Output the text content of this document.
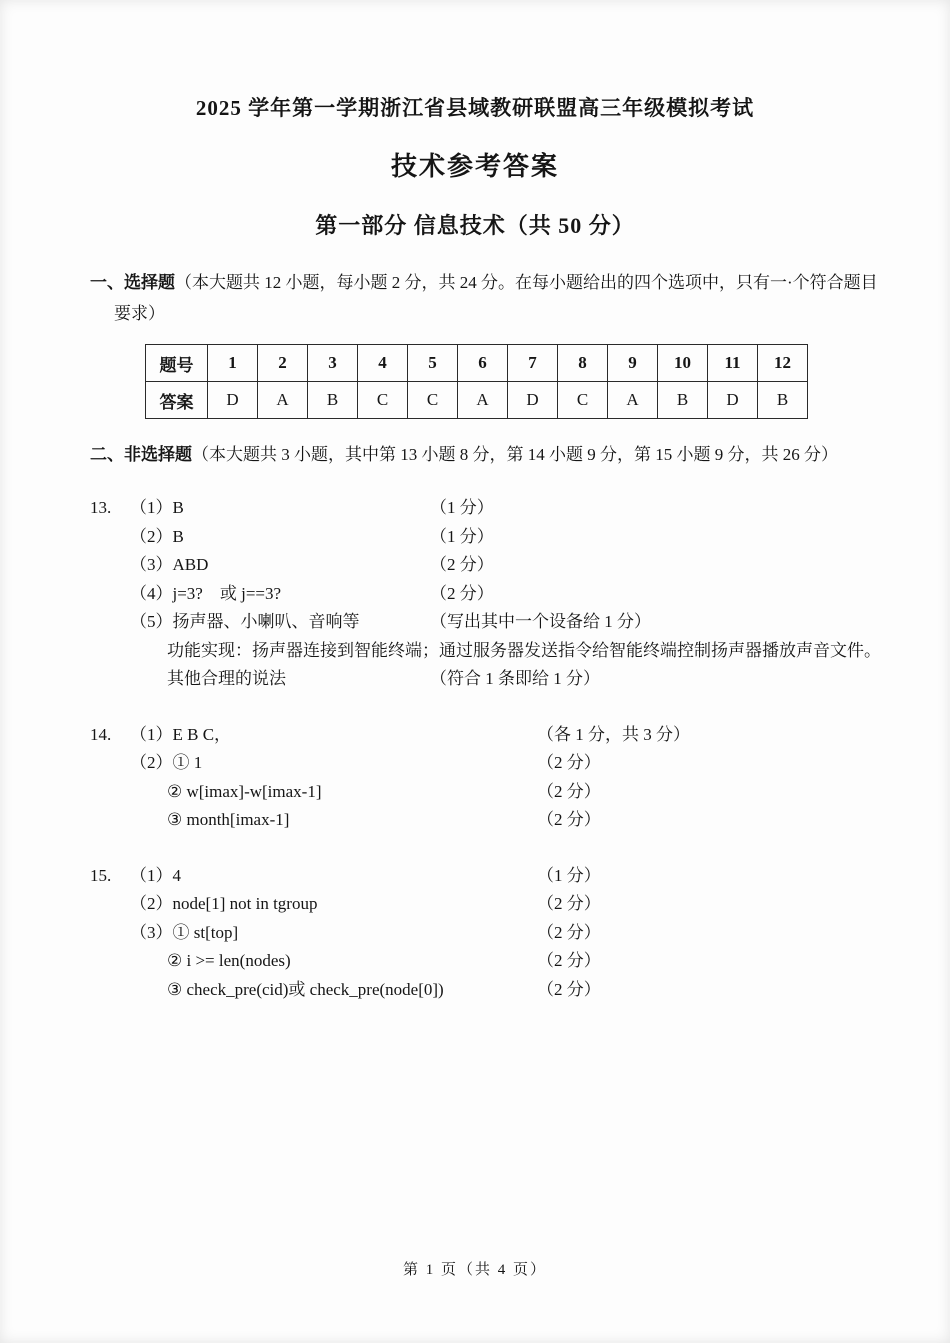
2025 学年第一学期浙江省县域教研联盟高三年级模拟考试
技术参考答案
第一部分 信息技术（共 50 分）

一、选择题（本大题共 12 小题，每小题 2 分，共 24 分。在每小题给出的四个选项中，只有一·个符合题目

要求）

题号	1	2	3	4	5	6	7	8	9	10	11	12
答案	D	A	B	C	C	A	D	C	A	B	D	B

二、非选择题（本大题共 3 小题，其中第 13 小题 8 分，第 14 小题 9 分，第 15 小题 9 分，共 26 分）

13. （1）B	（1 分）
（2）B	（1 分）
（3）ABD	（2 分）
（4）j=3?　或 j==3?	（2 分）
（5）扬声器、小喇叭、音响等	（写出其中一个设备给 1 分）
功能实现：扬声器连接到智能终端；通过服务器发送指令给智能终端控制扬声器播放声音文件。
其他合理的说法	（符合 1 条即给 1 分）
14. （1）E B C，	（各 1 分，共 3 分）
（2）① 1	（2 分）
② w[imax]-w[imax-1]	（2 分）
③ month[imax-1]	（2 分）
15. （1）4	（1 分）
（2）node[1] not in tgroup	（2 分）
（3）① st[top]	（2 分）
② i >= len(nodes)	（2 分）
③ check_pre(cid)或 check_pre(node[0])	（2 分）
第 1 页（共 4 页）
